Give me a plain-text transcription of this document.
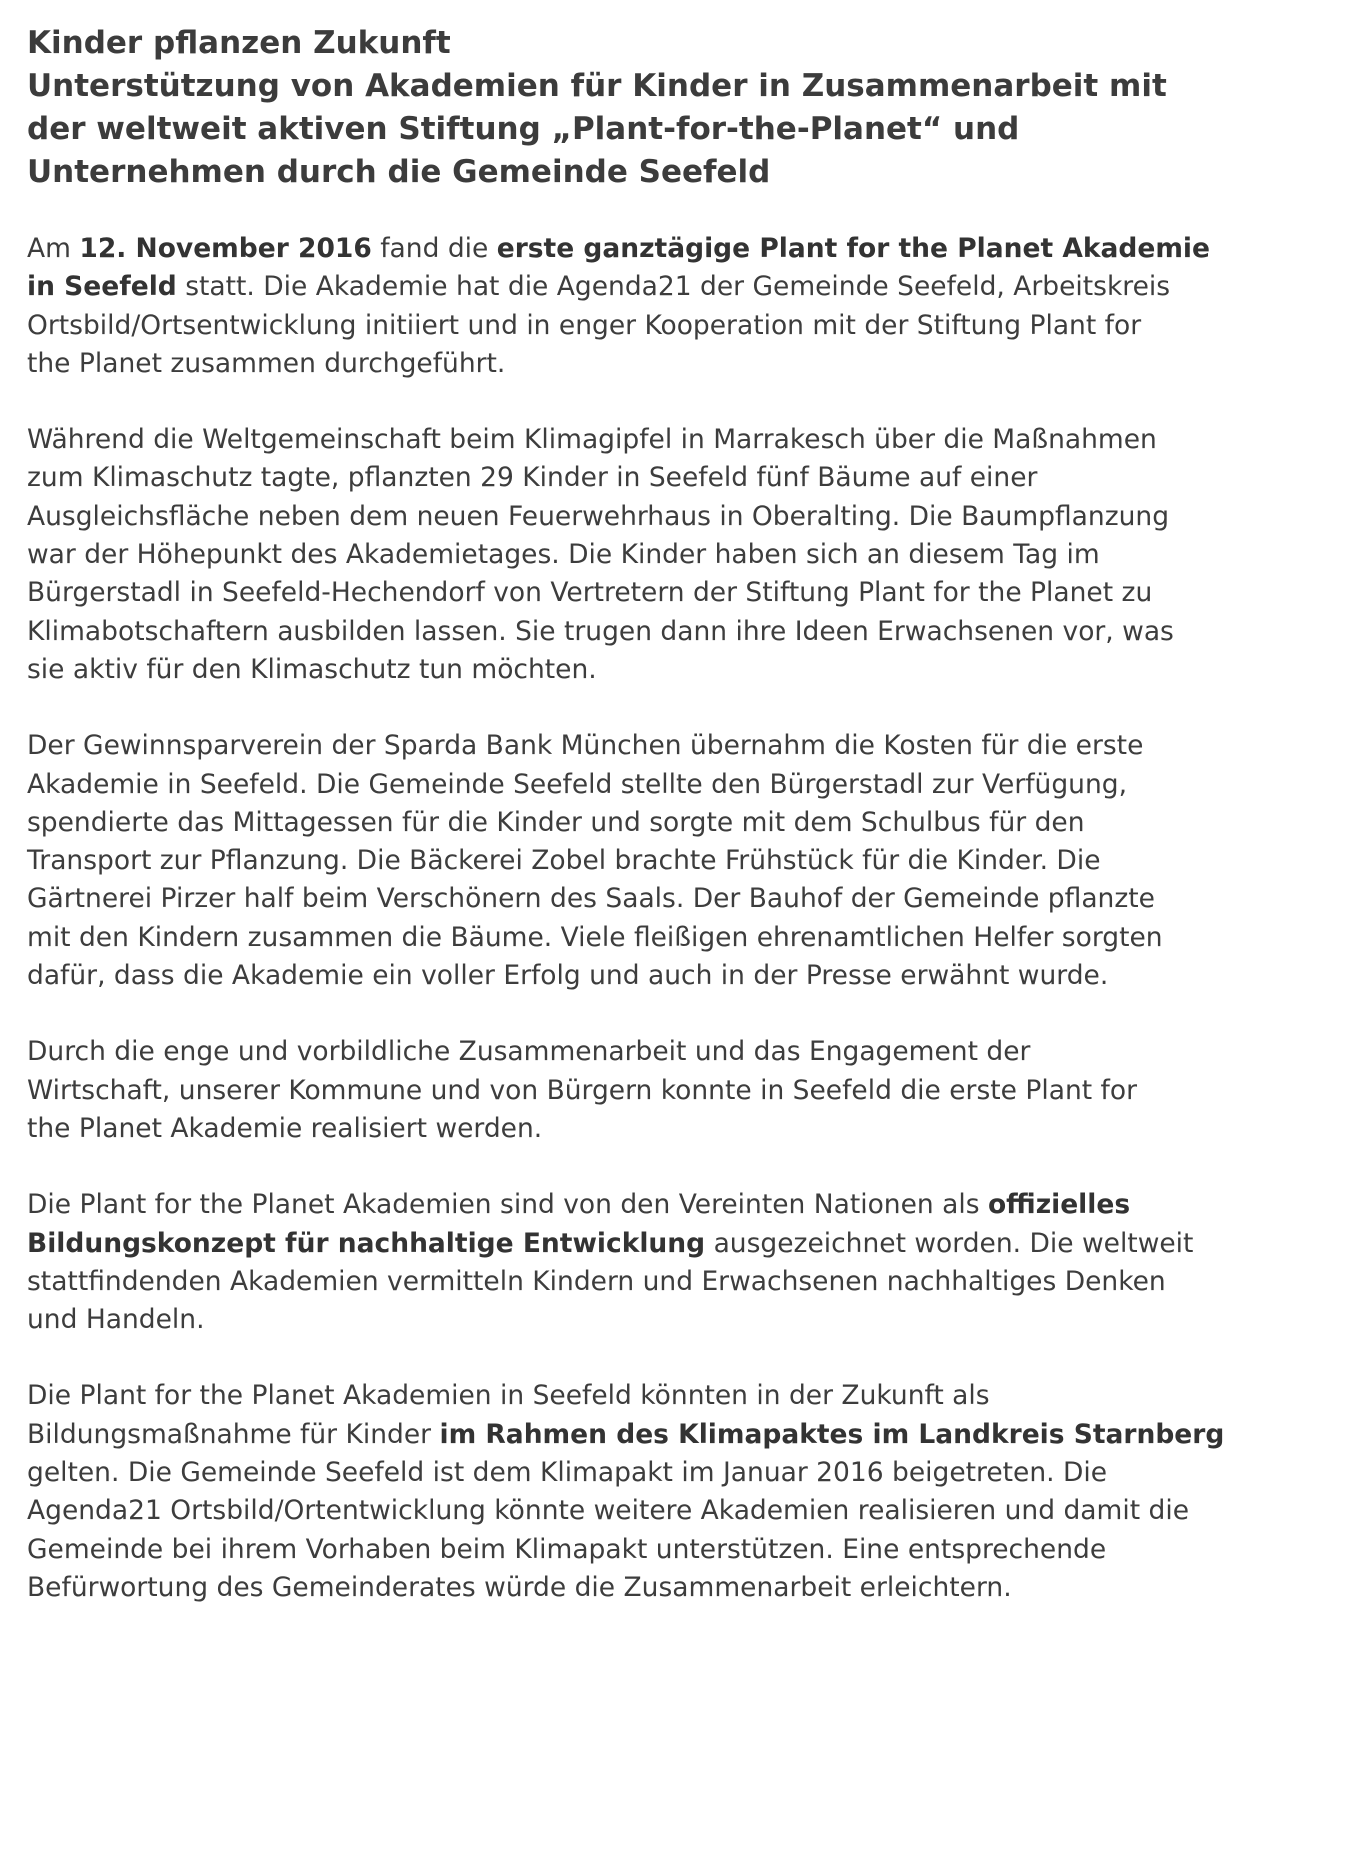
Kinder pflanzen Zukunft
Unterstützung von Akademien für Kinder in Zusammenarbeit mit
der weltweit aktiven Stiftung „Plant-for-the-Planet“ und
Unternehmen durch die Gemeinde Seefeld
Am 12. November 2016 fand die erste ganztägige Plant for the Planet Akademie
in Seefeld statt. Die Akademie hat die Agenda21 der Gemeinde Seefeld, Arbeitskreis
Ortsbild/Ortsentwicklung initiiert und in enger Kooperation mit der Stiftung Plant for
the Planet zusammen durchgeführt.
Während die Weltgemeinschaft beim Klimagipfel in Marrakesch über die Maßnahmen
zum Klimaschutz tagte, pflanzten 29 Kinder in Seefeld fünf Bäume auf einer
Ausgleichsfläche neben dem neuen Feuerwehrhaus in Oberalting. Die Baumpflanzung
war der Höhepunkt des Akademietages. Die Kinder haben sich an diesem Tag im
Bürgerstadl in Seefeld-Hechendorf von Vertretern der Stiftung Plant for the Planet zu
Klimabotschaftern ausbilden lassen. Sie trugen dann ihre Ideen Erwachsenen vor, was
sie aktiv für den Klimaschutz tun möchten.
Der Gewinnsparverein der Sparda Bank München übernahm die Kosten für die erste
Akademie in Seefeld. Die Gemeinde Seefeld stellte den Bürgerstadl zur Verfügung,
spendierte das Mittagessen für die Kinder und sorgte mit dem Schulbus für den
Transport zur Pflanzung. Die Bäckerei Zobel brachte Frühstück für die Kinder. Die
Gärtnerei Pirzer half beim Verschönern des Saals. Der Bauhof der Gemeinde pflanzte
mit den Kindern zusammen die Bäume. Viele fleißigen ehrenamtlichen Helfer sorgten
dafür, dass die Akademie ein voller Erfolg und auch in der Presse erwähnt wurde.
Durch die enge und vorbildliche Zusammenarbeit und das Engagement der
Wirtschaft, unserer Kommune und von Bürgern konnte in Seefeld die erste Plant for
the Planet Akademie realisiert werden.
Die Plant for the Planet Akademien sind von den Vereinten Nationen als offizielles
Bildungskonzept für nachhaltige Entwicklung ausgezeichnet worden. Die weltweit
stattfindenden Akademien vermitteln Kindern und Erwachsenen nachhaltiges Denken
und Handeln.
Die Plant for the Planet Akademien in Seefeld könnten in der Zukunft als
Bildungsmaßnahme für Kinder im Rahmen des Klimapaktes im Landkreis Starnberg
gelten. Die Gemeinde Seefeld ist dem Klimapakt im Januar 2016 beigetreten. Die
Agenda21 Ortsbild/Ortentwicklung könnte weitere Akademien realisieren und damit die
Gemeinde bei ihrem Vorhaben beim Klimapakt unterstützen. Eine entsprechende
Befürwortung des Gemeinderates würde die Zusammenarbeit erleichtern.
